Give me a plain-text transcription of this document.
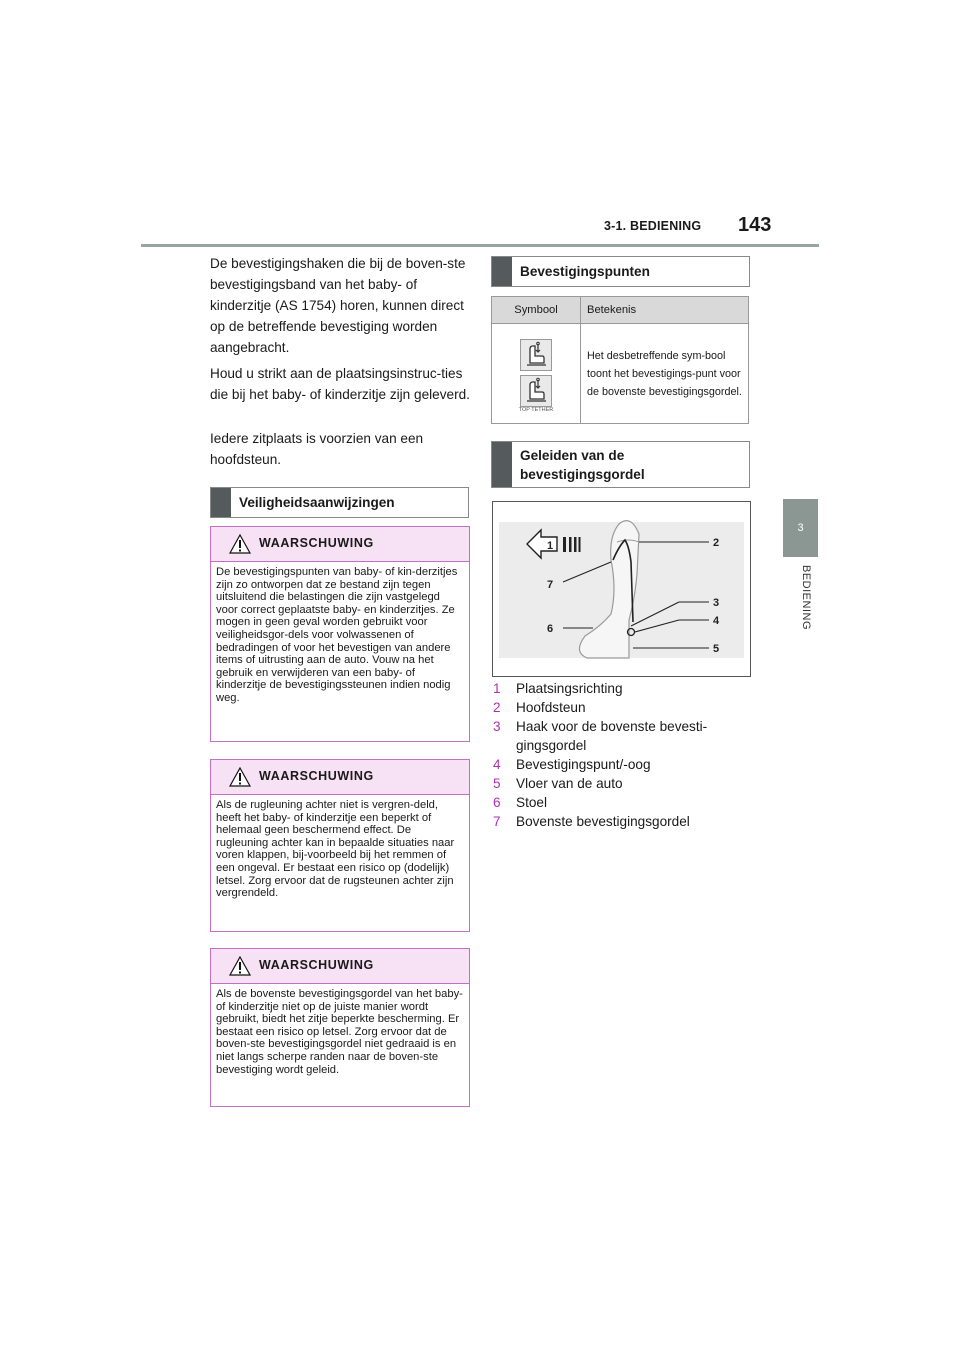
3-1. BEDIENING 143
3
BEDIENING

De bevestigingshaken die bij de boven-ste bevestigingsband van het baby- of kinderzitje (AS 1754) horen, kunnen direct op de betreffende bevestiging worden aangebracht.

Houd u strikt aan de plaatsingsinstruc-ties die bij het baby- of kinderzitje zijn geleverd.

Iedere zitplaats is voorzien van een hoofdsteun.

Veiligheidsaanwijzingen
WAARSCHUWING
De bevestigingspunten van baby- of kin-derzitjes zijn zo ontworpen dat ze bestand zijn tegen uitsluitend die belastingen die zijn vastgelegd voor correct geplaatste baby- en kinderzitjes. Ze mogen in geen geval worden gebruikt voor veiligheidsgor-dels voor volwassenen of bedradingen of voor het bevestigen van andere items of uitrusting aan de auto. Vouw na het gebruik en verwijderen van een baby- of kinderzitje de bevestigingssteunen indien nodig weg.
WAARSCHUWING
Als de rugleuning achter niet is vergren-deld, heeft het baby- of kinderzitje een beperkt of helemaal geen beschermend effect. De rugleuning achter kan in bepaalde situaties naar voren klappen, bij-voorbeeld bij het remmen of een ongeval. Er bestaat een risico op (dodelijk) letsel. Zorg ervoor dat de rugsteunen achter zijn vergrendeld.
WAARSCHUWING
Als de bovenste bevestigingsgordel van het baby- of kinderzitje niet op de juiste manier wordt gebruikt, biedt het zitje beperkte bescherming. Er bestaat een risico op letsel. Zorg ervoor dat de boven-ste bevestigingsgordel niet gedraaid is en niet langs scherpe randen naar de boven-ste bevestiging wordt geleid.
Bevestigingspunten
Symbool	Betekenis

TOP TETHER	Het desbetreffende sym-bool toont het bevestigings-punt voor de bovenste bevestigingsgordel.
Geleiden van de bevestigingsgordel
1	2
3
4
5
6
7
1	Plaatsingsrichting
2	Hoofdsteun
3	Haak voor de bovenste bevesti-gingsgordel
4	Bevestigingspunt/-oog
5	Vloer van de auto
6	Stoel
7	Bovenste bevestigingsgordel
